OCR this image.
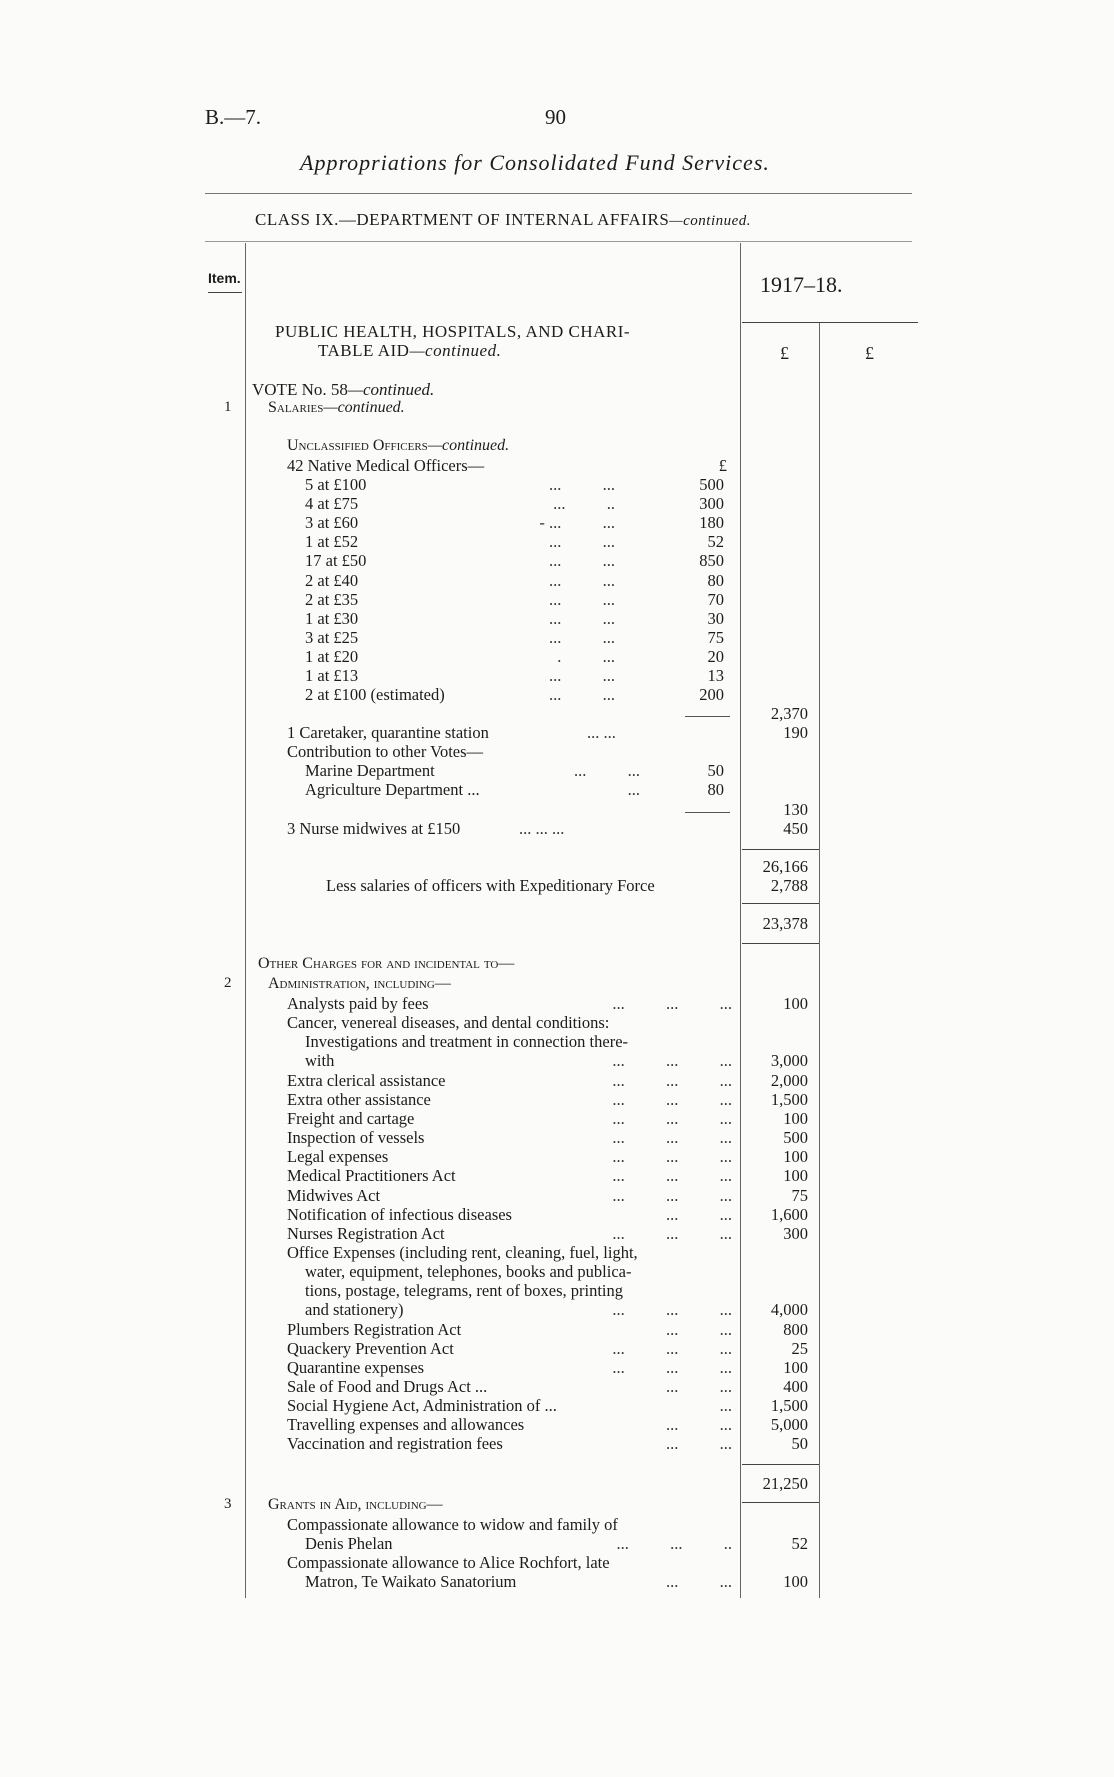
B.—7.	90
Appropriations for Consolidated Fund Services.
CLASS IX.—DEPARTMENT OF INTERNAL AFFAIRS—continued.
Item.	1917–18.
£	£
PUBLIC HEALTH, HOSPITALS, AND CHARI-
TABLE AID—continued.
VOTE No. 58—continued.
1 Salaries—continued.
Unclassified Officers—continued.
42 Native Medical Officers—	£
5 at £100	...          ...	500
4 at £75	...          ..	300
3 at £60	- ...          ...	180
1 at £52	...          ...	52
17 at £50	...          ...	850
2 at £40	...          ...	80
2 at £35	...          ...	70
1 at £30	...          ...	30
3 at £25	...          ...	75
1 at £20	.          ...	20
1 at £13	...          ...	13
2 at £100 (estimated)	...          ...	200
2,370
1 Caretaker, quarantine station	... ...	190
Contribution to other Votes—
Marine Department	...          ...	50
Agriculture Department ...	...	80
130
3 Nurse midwives at £150	... ... ...	450
26,166
Less salaries of officers with Expeditionary Force	2,788
23,378
Other Charges for and incidental to—
2 Administration, including—
Analysts paid by fees	...          ...          ...	100
Cancer, venereal diseases, and dental conditions:
Investigations and treatment in connection there-
with	...          ...          ...	3,000
Extra clerical assistance	...          ...          ...	2,000
Extra other assistance	...          ...          ...	1,500
Freight and cartage	...          ...          ...	100
Inspection of vessels	...          ...          ...	500
Legal expenses	...          ...          ...	100
Medical Practitioners Act	...          ...          ...	100
Midwives Act	...          ...          ...	75
Notification of infectious diseases	...          ...	1,600
Nurses Registration Act	...          ...          ...	300
Office Expenses (including rent, cleaning, fuel, light,
water, equipment, telephones, books and publica-
tions, postage, telegrams, rent of boxes, printing
and stationery)	...          ...          ...	4,000
Plumbers Registration Act	...          ...	800
Quackery Prevention Act	...          ...          ...	25
Quarantine expenses	...          ...          ...	100
Sale of Food and Drugs Act ...	...          ...	400
Social Hygiene Act, Administration of ...	...	1,500
Travelling expenses and allowances	...          ...	5,000
Vaccination and registration fees	...          ...	50
21,250
3 Grants in Aid, including—
Compassionate allowance to widow and family of
Denis Phelan	...          ...          ..	52
Compassionate allowance to Alice Rochfort, late
Matron, Te Waikato Sanatorium	...          ...	100
